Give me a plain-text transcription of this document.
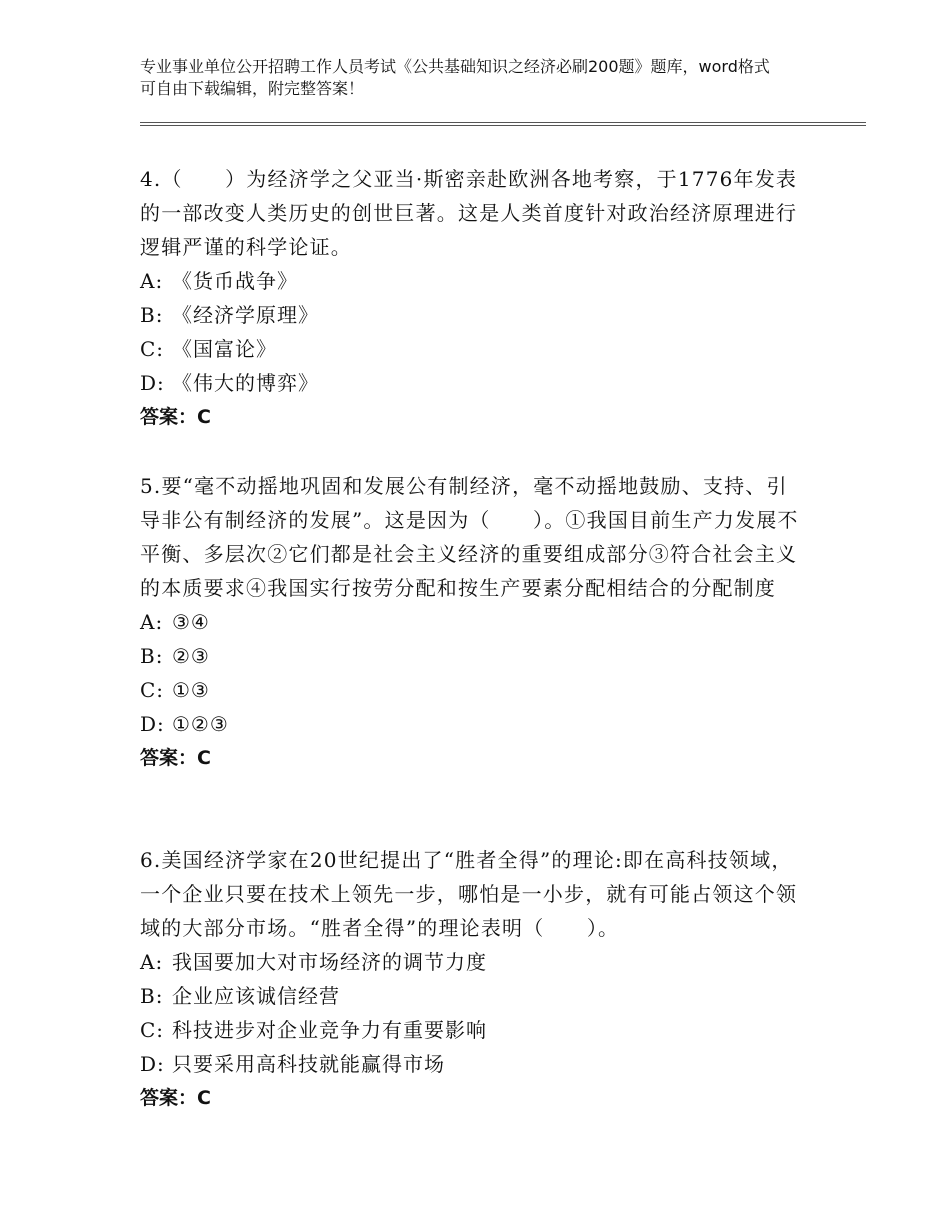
专业事业单位公开招聘工作人员考试《公共基础知识之经济必刷200题》题库，word格式可自由下载编辑，附完整答案！

4.（　　）为经济学之父亚当·斯密亲赴欧洲各地考察，于1776年发表的一部改变人类历史的创世巨著。这是人类首度针对政治经济原理进行逻辑严谨的科学论证。

A: 《货币战争》

B: 《经济学原理》

C: 《国富论》

D: 《伟大的博弈》

答案：C

5.要“毫不动摇地巩固和发展公有制经济，毫不动摇地鼓励、支持、引导非公有制经济的发展”。这是因为（　　）。①我国目前生产力发展不平衡、多层次②它们都是社会主义经济的重要组成部分③符合社会主义的本质要求④我国实行按劳分配和按生产要素分配相结合的分配制度

A: ③④

B: ②③

C: ①③

D: ①②③

答案：C

6.美国经济学家在20世纪提出了“胜者全得”的理论:即在高科技领域，一个企业只要在技术上领先一步，哪怕是一小步，就有可能占领这个领域的大部分市场。“胜者全得”的理论表明（　　）。

A: 我国要加大对市场经济的调节力度

B: 企业应该诚信经营

C: 科技进步对企业竞争力有重要影响

D: 只要采用高科技就能赢得市场

答案：C
